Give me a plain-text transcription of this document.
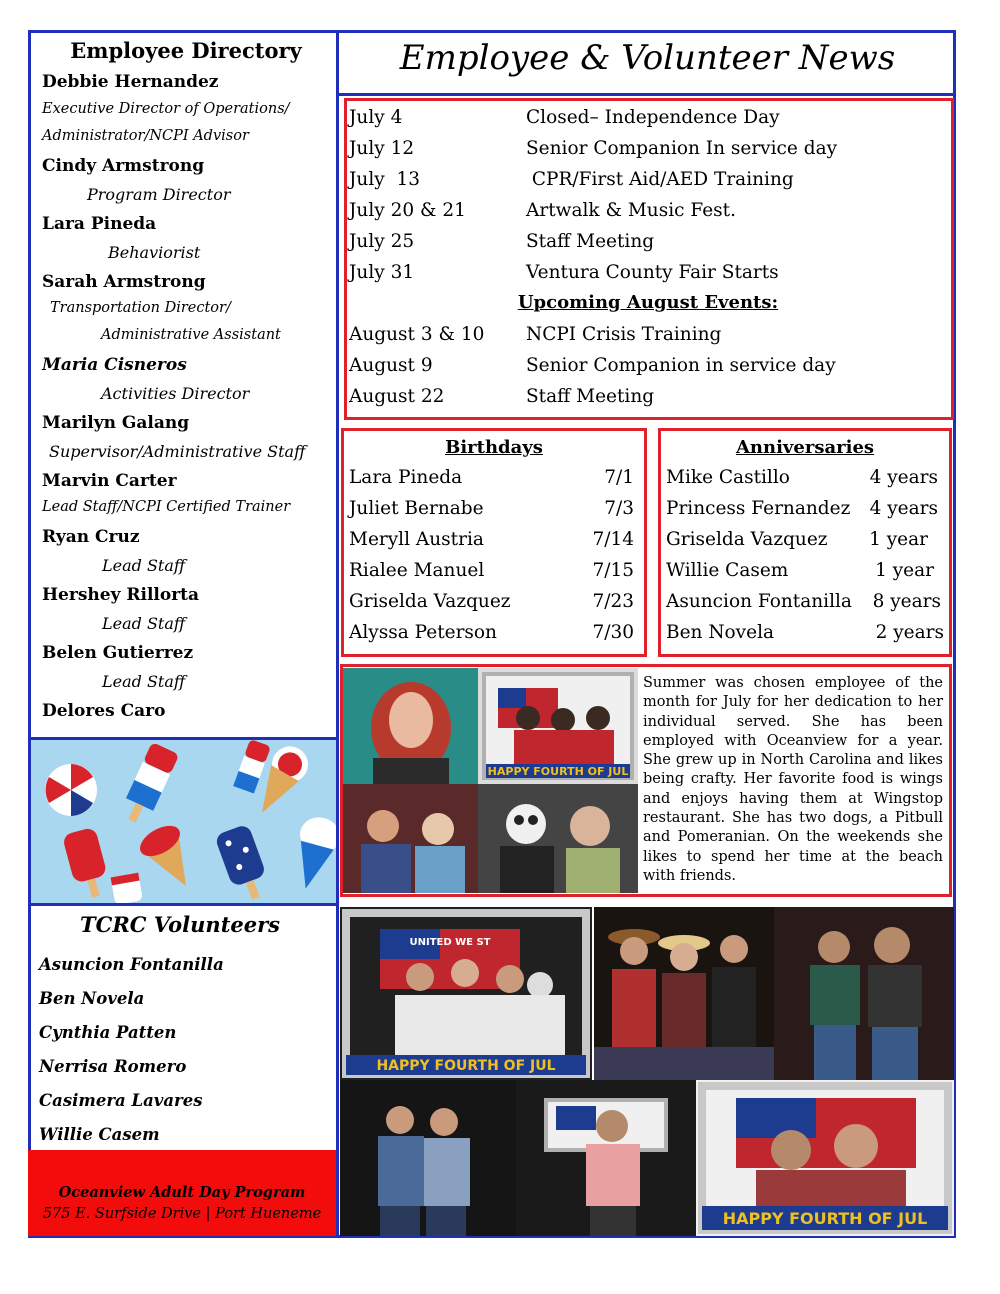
Employee Directory
Debbie Hernandez
Executive Director of Operations/
Administrator/NCPI Advisor
Cindy Armstrong
Program Director
Lara Pineda
Behaviorist
Sarah Armstrong
Transportation Director/
Administrative Assistant
Maria Cisneros
Activities Director
Marilyn Galang
Supervisor/Administrative Staff
Marvin Carter
Lead Staff/NCPI Certified Trainer
Ryan Cruz
Lead Staff
Hershey Rillorta
Lead Staff
Belen Gutierrez
Lead Staff
Delores Caro
TCRC Volunteers
Asuncion Fontanilla
Ben Novela
Cynthia Patten
Nerrisa Romero
Casimera Lavares
Willie Casem
Oceanview Adult Day Program
575 E. Surfside Drive | Port Hueneme
Employee & Volunteer News
July 4	Closed– Independence Day
July 12	Senior Companion In service day
July  13	CPR/First Aid/AED Training
July 20 & 21	Artwalk & Music Fest.
July 25	Staff Meeting
July 31	Ventura County Fair Starts
Upcoming August Events:
August 3 & 10 NCPI Crisis Training
August 9	Senior Companion in service day
August 22	Staff Meeting
Birthdays
Lara Pineda	7/1
Juliet Bernabe	7/3
Meryll Austria	7/14
Rialee Manuel	7/15
Griselda Vazquez	7/23
Alyssa Peterson	7/30
Anniversaries
Mike Castillo	4 years
Princess Fernandez	4 years
Griselda Vazquez	1 year
Willie Casem	1 year
Asuncion Fontanilla	8 years
Ben Novela	2 years
HAPPY FOURTH OF JUL
Summer was chosen employee of the month for July for her dedication to her individual served. She has been employed with Oceanview for a year. She grew up in North Carolina and likes being crafty. Her favorite food is wings and enjoys having them at Wingstop restaurant. She has two dogs, a Pitbull and Pomeranian. On the weekends she likes to spend her time at the beach with friends.
UNITED WE ST
HAPPY FOURTH OF JUL
HAPPY FOURTH OF JUL
